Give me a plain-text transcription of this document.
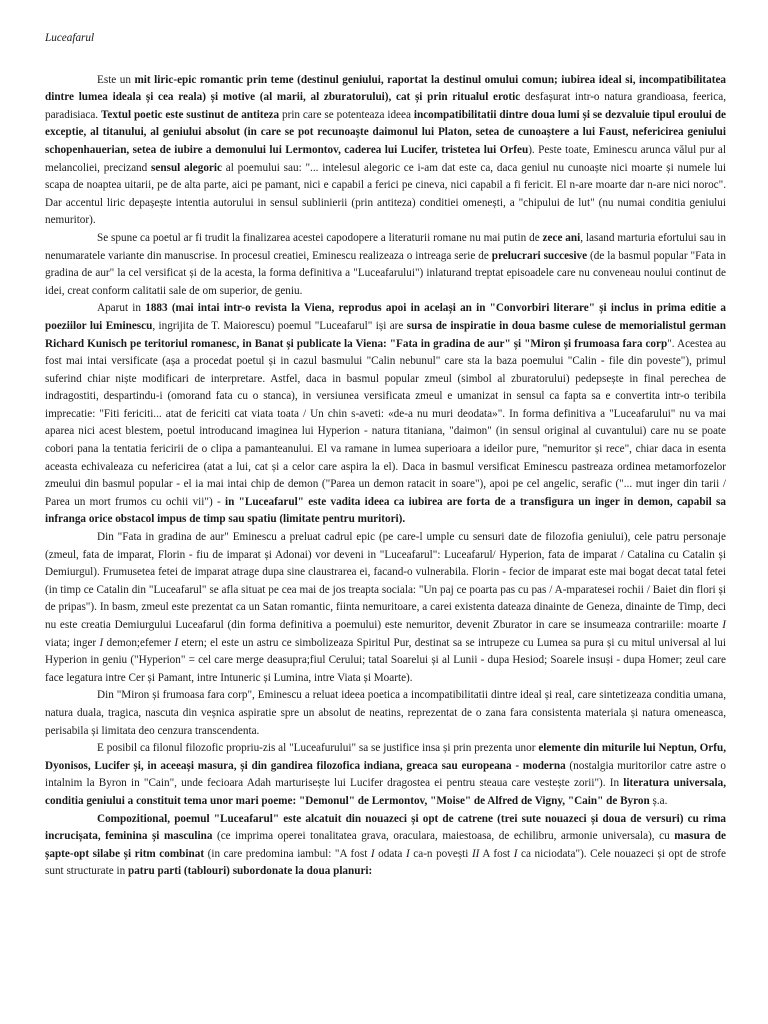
Luceafarul

Este un mit liric-epic romantic prin teme (destinul geniului, raportat la destinul omului comun; iubirea ideal si, incompatibilitatea dintre lumea ideala și cea reala) și motive (al marii, al zburatorului), cat și prin ritualul erotic desfașurat intr-o natura grandioasa, feerica, paradisiaca. Textul poetic este sustinut de antiteza prin care se potenteaza ideea incompatibilitatii dintre doua lumi și se dezvaluie tipul eroului de exceptie, al titanului, al geniului absolut (in care se pot recunoaște daimonul lui Platon, setea de cunoaștere a lui Faust, nefericirea geniului schopenhauerian, setea de iubire a demonului lui Lermontov, caderea lui Lucifer, tristetea lui Orfeu). Peste toate, Eminescu arunca vălul pur al melancoliei, precizand sensul alegoric al poemului sau: "... intelesul alegoric ce i-am dat este ca, daca geniul nu cunoaște nici moarte și numele lui scapa de noaptea uitarii, pe de alta parte, aici pe pamant, nici e capabil a ferici pe cineva, nici capabil a fi fericit. El n-are moarte dar n-are nici noroc". Dar accentul liric depașește intentia autorului in sensul sublinierii (prin antiteza) conditiei omenești, a "chipului de lut" (nu numai conditia geniului nemuritor).

Se spune ca poetul ar fi trudit la finalizarea acestei capodopere a literaturii romane nu mai putin de zece ani, lasand marturia efortului sau in nenumaratele variante din manuscrise. In procesul creatiei, Eminescu realizeaza o intreaga serie de prelucrari succesive (de la basmul popular "Fata in gradina de aur" la cel versificat și de la acesta, la forma definitiva a "Luceafarului") inlaturand treptat episoadele care nu conveneau noului continut de idei, creat conform calitatii sale de om superior, de geniu.

Aparut in 1883 (mai intai intr-o revista la Viena, reprodus apoi in același an in "Convorbiri literare" și inclus in prima editie a poeziilor lui Eminescu, ingrijita de T. Maiorescu) poemul "Luceafarul" iși are sursa de inspiratie in doua basme culese de memorialistul german Richard Kunisch pe teritoriul romanesc, in Banat și publicate la Viena: "Fata in gradina de aur" și "Miron și frumoasa fara corp". Acestea au fost mai intai versificate (așa a procedat poetul și in cazul basmului "Calin nebunul" care sta la baza poemului "Calin - file din poveste"), primul suferind chiar niște modificari de interpretare. Astfel, daca in basmul popular zmeul (simbol al zburatorului) pedepsește in final perechea de indragostiti, despartindu-i (omorand fata cu o stanca), in versiunea versificata zmeul e umanizat in sensul ca fapta sa e convertita intr-o teribila imprecatie: "Fiti fericiti... atat de fericiti cat viata toata / Un chin s-aveti: «de-a nu muri deodata»". In forma definitiva a "Luceafarului" nu va mai aparea nici acest blestem, poetul introducand imaginea lui Hyperion - natura titaniana, "daimon" (in sensul original al cuvantului) care nu se poate cobori pana la tentatia fericirii de o clipa a pamanteanului. El va ramane in lumea superioara a ideilor pure, "nemuritor și rece", chiar daca in esenta aceasta echivaleaza cu nefericirea (atat a lui, cat și a celor care aspira la el). Daca in basmul versificat Eminescu pastreaza ordinea metamorfozelor zmeului din basmul popular - el ia mai intai chip de demon ("Parea un demon ratacit in soare"), apoi pe cel angelic, serafic ("... mut inger din tarii / Parea un mort frumos cu ochii vii") - in "Luceafarul" este vadita ideea ca iubirea are forta de a transfigura un inger in demon, capabil sa infranga orice obstacol impus de timp sau spatiu (limitate pentru muritori).

Din "Fata in gradina de aur" Eminescu a preluat cadrul epic (pe care-l umple cu sensuri date de filozofia geniului), cele patru personaje (zmeul, fata de imparat, Florin - fiu de imparat și Adonai) vor deveni in "Luceafarul": Luceafarul/ Hyperion, fata de imparat / Catalina cu Catalin și Demiurgul). Frumusetea fetei de imparat atrage dupa sine claustrarea ei, facand-o vulnerabila. Florin - fecior de imparat este mai bogat decat tatal fetei (in timp ce Catalin din "Luceafarul" se afla situat pe cea mai de jos treapta sociala: "Un paj ce poarta pas cu pas / A-mparatesei rochii / Baiet din flori și de pripas"). In basm, zmeul este prezentat ca un Satan romantic, fiinta nemuritoare, a carei existenta dateaza dinainte de Geneza, dinainte de Timp, deci nu este creatia Demiurgului Luceafarul (din forma definitiva a poemului) este nemuritor, devenit Zburator in care se insumeaza contrariile: moarte I viata; inger I demon;efemer I etern; el este un astru ce simbolizeaza Spiritul Pur, destinat sa se intrupeze cu Lumea sa pura și cu mitul universal al lui Hyperion in geniu ("Hyperion" = cel care merge deasupra;fiul Cerului; tatal Soarelui și al Lunii - dupa Hesiod; Soarele insuși - dupa Homer; zeul care face legatura intre Cer și Pamant, intre Intuneric și Lumina, intre Viata și Moarte).

Din "Miron și frumoasa fara corp", Eminescu a reluat ideea poetica a incompatibilitatii dintre ideal și real, care sintetizeaza conditia umana, natura duala, tragica, nascuta din veșnica aspiratie spre un absolut de neatins, reprezentat de o zana fara consistenta materiala și natura omeneasca, perisabila și limitata deo cenzura transcendenta.

E posibil ca filonul filozofic propriu-zis al "Luceafurului" sa se justifice insa și prin prezenta unor elemente din miturile lui Neptun, Orfu, Dyonisos, Lucifer și, in aceeași masura, și din gandirea filozofica indiana, greaca sau europeana - moderna (nostalgia muritorilor catre astre o intalnim la Byron in "Cain", unde fecioara Adah marturisește lui Lucifer dragostea ei pentru steaua care vestește zorii"). In literatura universala, conditia geniului a constituit tema unor mari poeme: "Demonul" de Lermontov, "Moise" de Alfred de Vigny, "Cain" de Byron ș.a.

Compozitional, poemul "Luceafarul" este alcatuit din nouazeci și opt de catrene (trei sute nouazeci și doua de versuri) cu rima incrucișata, feminina și masculina (ce imprima operei tonalitatea grava, oraculara, maiestoasa, de echilibru, armonie universala), cu masura de șapte-opt silabe și ritm combinat (in care predomina iambul: "A fost I odata I ca-n povești II A fost I ca niciodata"). Cele nouazeci și opt de strofe sunt structurate in patru parti (tablouri) subordonate la doua planuri:
